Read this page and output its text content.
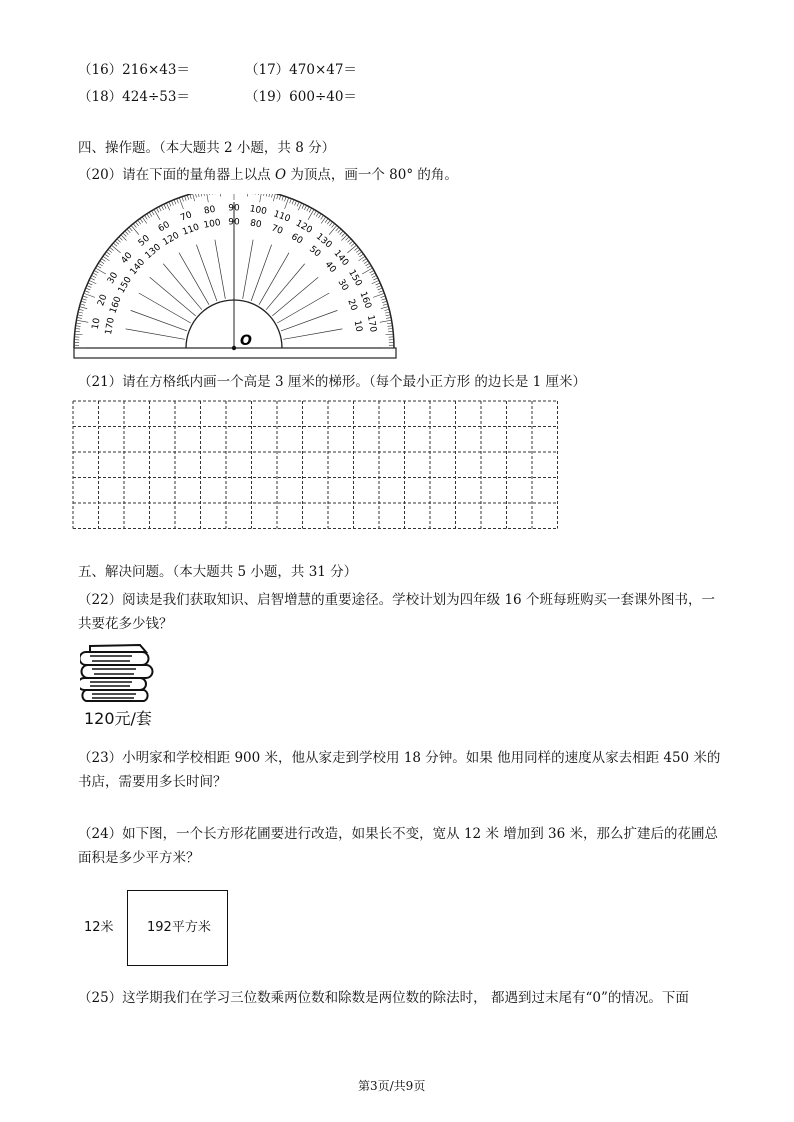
（16）216×43＝	（17）470×47＝
（18）424÷53＝	（19）600÷40＝
四、操作题。（本大题共 2 小题，共 8 分）
（20）请在下面的量角器上以点 O 为顶点，画一个 80° 的角。
10	10
20	20
30	30
40
40
50
50
60
60
70
70
80
80
90
90
100
100	110
110	120
120	130
130	140
140
150
150
160
160
170
170
O
（21）请在方格纸内画一个高是 3 厘米的梯形。（每个最小正方形 的边长是 1 厘米）
五、解决问题。（本大题共 5 小题，共 31 分）
（22）阅读是我们获取知识、启智增慧的重要途径。学校计划为四年级 16 个班每班购买一套课外图书，一共要花多少钱？
120元/套
（23）小明家和学校相距 900 米，他从家走到学校用 18 分钟。如果 他用同样的速度从家去相距 450 米的书店，需要用多长时间？
（24）如下图，一个长方形花圃要进行改造，如果长不变，宽从 12 米 增加到 36 米，那么扩建后的花圃总面积是多少平方米？
12米	192平方米
（25）这学期我们在学习三位数乘两位数和除数是两位数的除法时， 都遇到过末尾有“0”的情况。下面
第3页/共9页
